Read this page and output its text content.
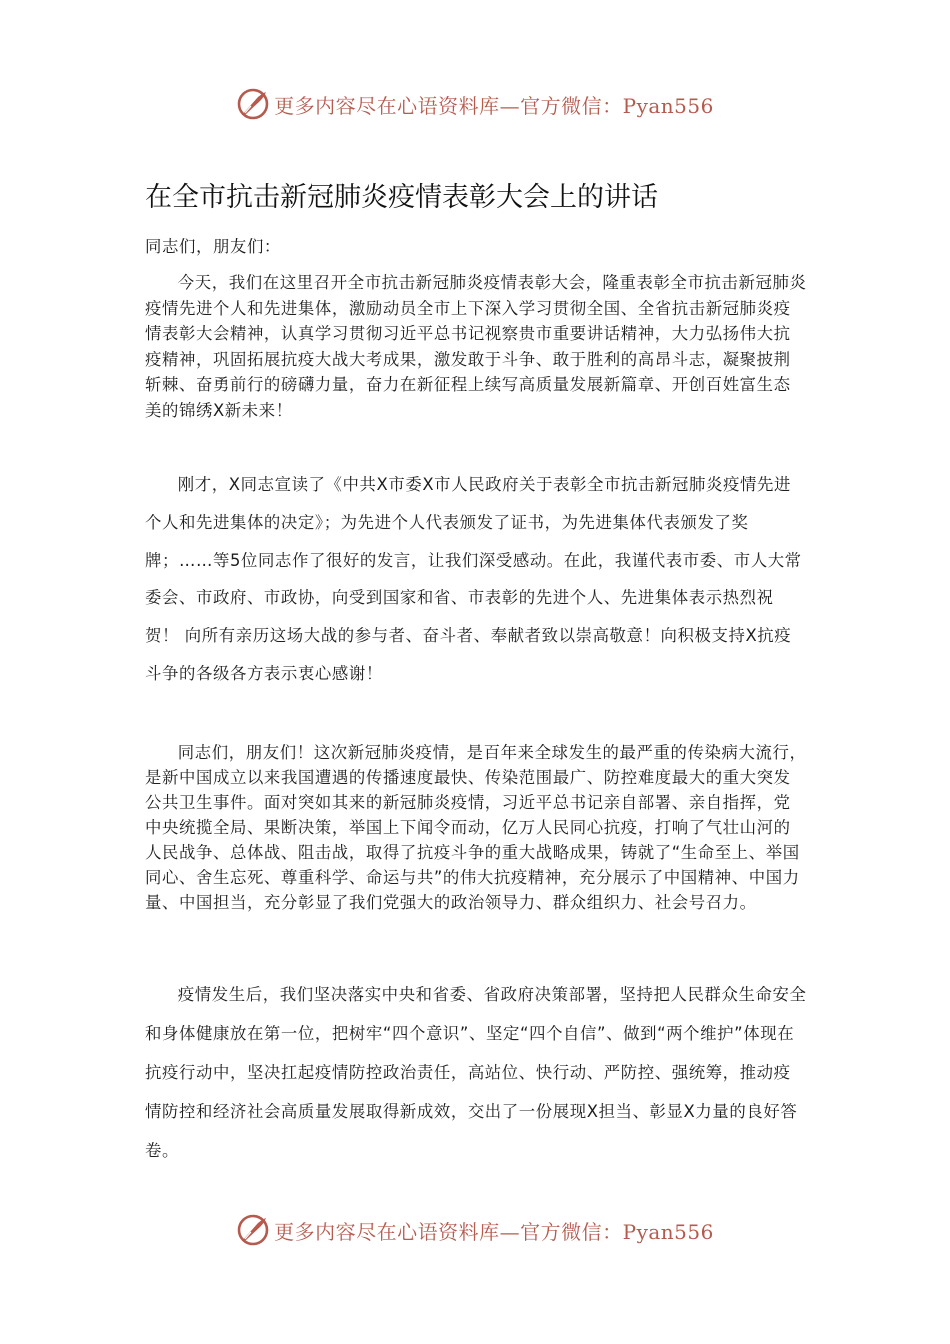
更多内容尽在心语资料库—官方微信：Pyan556
在全市抗击新冠肺炎疫情表彰大会上的讲话

同志们，朋友们：

今天，我们在这里召开全市抗击新冠肺炎疫情表彰大会，隆重表彰全市抗击新冠肺炎疫情先进个人和先进集体，激励动员全市上下深入学习贯彻全国、全省抗击新冠肺炎疫情表彰大会精神，认真学习贯彻习近平总书记视察贵市重要讲话精神，大力弘扬伟大抗疫精神，巩固拓展抗疫大战大考成果，激发敢于斗争、敢于胜利的高昂斗志，凝聚披荆斩棘、奋勇前行的磅礴力量，奋力在新征程上续写高质量发展新篇章、开创百姓富生态美的锦绣X新未来！

刚才，X同志宣读了《中共X市委X市人民政府关于表彰全市抗击新冠肺炎疫情先进个人和先进集体的决定》；为先进个人代表颁发了证书，为先进集体代表颁发了奖牌；……等5位同志作了很好的发言，让我们深受感动。在此，我谨代表市委、市人大常委会、市政府、市政协，向受到国家和省、市表彰的先进个人、先进集体表示热烈祝贺！ 向所有亲历这场大战的参与者、奋斗者、奉献者致以崇高敬意！向积极支持X抗疫斗争的各级各方表示衷心感谢！

同志们，朋友们！这次新冠肺炎疫情，是百年来全球发生的最严重的传染病大流行，是新中国成立以来我国遭遇的传播速度最快、传染范围最广、防控难度最大的重大突发公共卫生事件。面对突如其来的新冠肺炎疫情，习近平总书记亲自部署、亲自指挥，党中央统揽全局、果断决策，举国上下闻令而动，亿万人民同心抗疫，打响了气壮山河的人民战争、总体战、阻击战，取得了抗疫斗争的重大战略成果，铸就了“生命至上、举国同心、舍生忘死、尊重科学、命运与共”的伟大抗疫精神，充分展示了中国精神、中国力量、中国担当，充分彰显了我们党强大的政治领导力、群众组织力、社会号召力。

疫情发生后，我们坚决落实中央和省委、省政府决策部署，坚持把人民群众生命安全和身体健康放在第一位，把树牢“四个意识”、坚定“四个自信”、做到“两个维护”体现在抗疫行动中，坚决扛起疫情防控政治责任，高站位、快行动、严防控、强统筹，推动疫情防控和经济社会高质量发展取得新成效，交出了一份展现X担当、彰显X力量的良好答卷。

更多内容尽在心语资料库—官方微信：Pyan556
